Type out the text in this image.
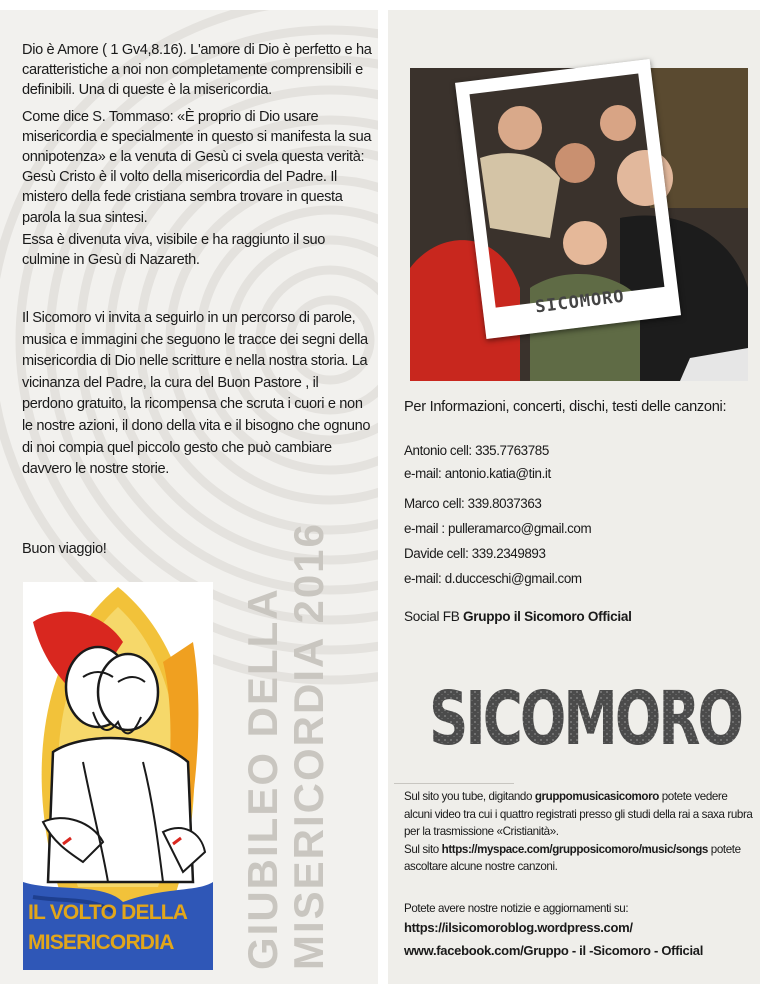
Dio è Amore ( 1 Gv4,8.16). L'amore di Dio è perfetto e ha caratteristiche a noi non completamente comprensibili e definibili. Una di queste è la misericordia.

Come dice S. Tommaso: «È proprio di Dio usare misericordia e specialmente in questo si manifesta la sua onnipotenza» e la venuta di Gesù ci svela questa verità: Gesù Cristo è il volto della misericordia del Padre. Il mistero della fede cristiana sembra trovare in questa parola la sua sintesi.

Essa è divenuta viva, visibile e ha raggiunto il suo culmine in Gesù di Nazareth.

Il Sicomoro vi invita a seguirlo in un percorso di parole, musica e immagini che seguono le tracce dei segni della misericordia di Dio nelle scritture e nella nostra storia. La vicinanza del Padre, la cura del Buon Pastore , il perdono gratuito, la ricompensa che scruta i cuori e non le nostre azioni, il dono della vita e il bisogno che ognuno di noi compia quel piccolo gesto che può cambiare davvero le nostre storie.

Buon viaggio!
IL VOLTO DELLA
MISERICORDIA	GIUBILEO DELLA MISERICORDIA 2016
SICOMORO
Per Informazioni, concerti, dischi, testi delle canzoni:
Antonio cell: 335.7763785
e-mail: antonio.katia@tin.it
Marco cell: 339.8037363
e-mail : pulleramarco@gmail.com
Davide cell: 339.2349893
e-mail: d.ducceschi@gmail.com
Social FB Gruppo il Sicomoro Official
SICOMORO
Sul sito you tube, digitando gruppomusicasicomoro potete vedere alcuni video tra cui i quattro registrati presso gli studi della rai a saxa rubra per la trasmissione «Cristianità».
Sul sito https://myspace.com/grupposicomoro/music/songs potete ascoltare alcune nostre canzoni.
Potete avere nostre notizie e aggiornamenti su:
https://ilsicomoroblog.wordpress.com/
www.facebook.com/Gruppo - il -Sicomoro - Official
